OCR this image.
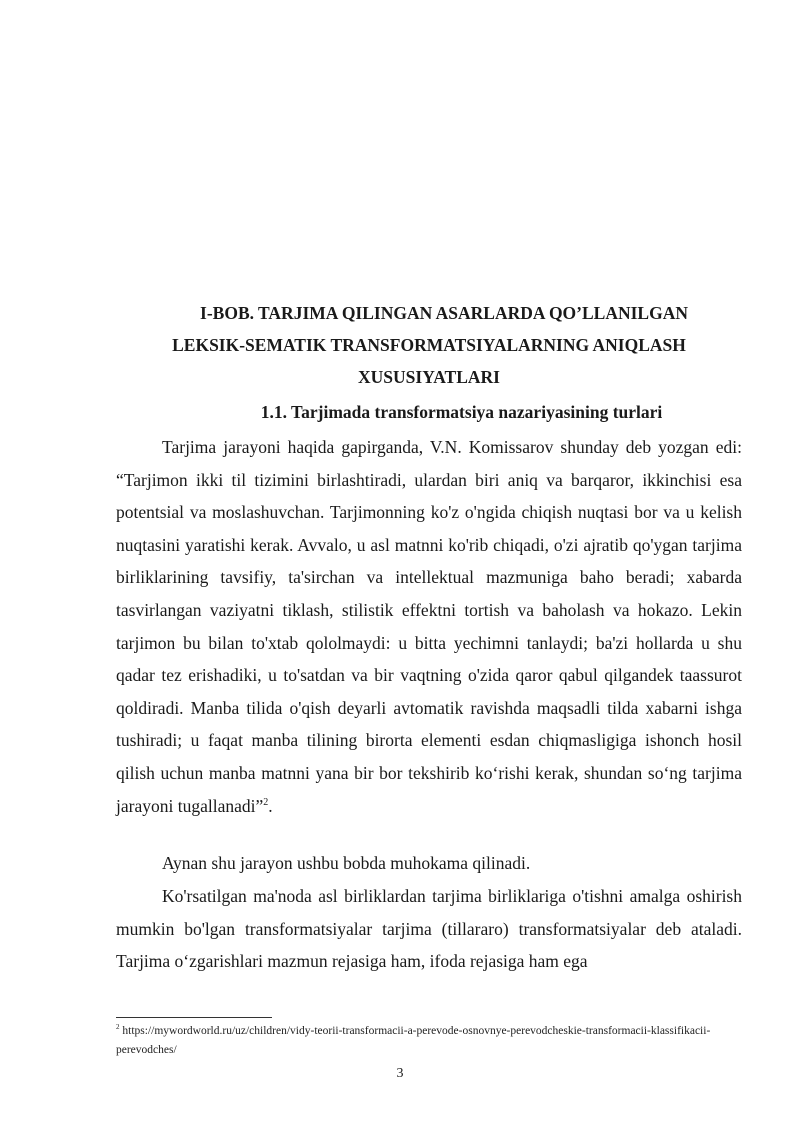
I-BOB. TARJIMA QILINGAN ASARLARDA QO’LLANILGAN
LEKSIK-SEMATIK TRANSFORMATSIYALARNING ANIQLASH
XUSUSIYATLARI
1.1. Tarjimada transformatsiya nazariyasining turlari

Tarjima jarayoni haqida gapirganda, V.N. Komissarov shunday deb yozgan edi: “Tarjimon ikki til tizimini birlashtiradi, ulardan biri aniq va barqaror, ikkinchisi esa potentsial va moslashuvchan. Tarjimonning ko'z o'ngida chiqish nuqtasi bor va u kelish nuqtasini yaratishi kerak. Avvalo, u asl matnni ko'rib chiqadi, o'zi ajratib qo'ygan tarjima birliklarining tavsifiy, ta'sirchan va intellektual mazmuniga baho beradi; xabarda tasvirlangan vaziyatni tiklash, stilistik effektni tortish va baholash va hokazo. Lekin tarjimon bu bilan to'xtab qololmaydi: u bitta yechimni tanlaydi; ba'zi hollarda u shu qadar tez erishadiki, u to'satdan va bir vaqtning o'zida qaror qabul qilgandek taassurot qoldiradi. Manba tilida o'qish deyarli avtomatik ravishda maqsadli tilda xabarni ishga tushiradi; u faqat manba tilining birorta elementi esdan chiqmasligiga ishonch hosil qilish uchun manba matnni yana bir bor tekshirib ko‘rishi kerak, shundan so‘ng tarjima jarayoni tugallanadi”$^2$.

Aynan shu jarayon ushbu bobda muhokama qilinadi.

Ko'rsatilgan ma'noda asl birliklardan tarjima birliklariga o'tishni amalga oshirish mumkin bo'lgan transformatsiyalar tarjima (tillararo) transformatsiyalar deb ataladi. Tarjima o‘zgarishlari mazmun rejasiga ham, ifoda rejasiga ham ega

$^2$ https://mywordworld.ru/uz/children/vidy-teorii-transformacii-a-perevode-osnovnye-perevodcheskie-transformacii-klassifikacii-perevodches/
3
